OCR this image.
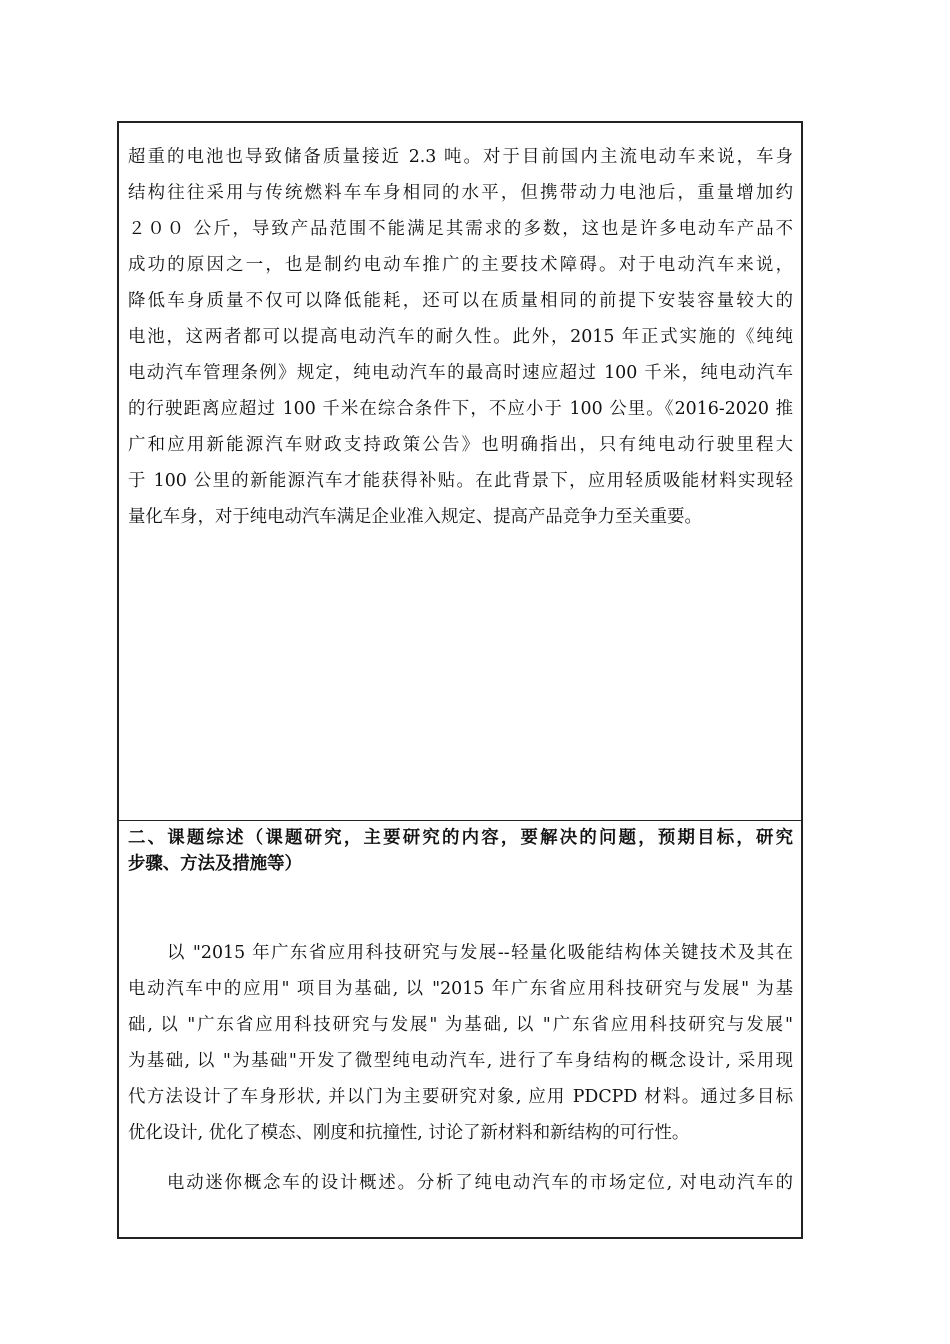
超重的电池也导致储备质量接近 2.3 吨。对于目前国内主流电动车来说，车身
结构往往采用与传统燃料车车身相同的水平，但携带动力电池后，重量增加约
２００ 公斤，导致产品范围不能满足其需求的多数，这也是许多电动车产品不
成功的原因之一，也是制约电动车推广的主要技术障碍。对于电动汽车来说，
降低车身质量不仅可以降低能耗，还可以在质量相同的前提下安装容量较大的
电池，这两者都可以提高电动汽车的耐久性。此外，2015 年正式实施的《纯纯
电动汽车管理条例》规定，纯电动汽车的最高时速应超过 100 千米，纯电动汽车
的行驶距离应超过 100 千米在综合条件下，不应小于 100 公里。《2016-2020 推
广和应用新能源汽车财政支持政策公告》也明确指出，只有纯电动行驶里程大
于 100 公里的新能源汽车才能获得补贴。在此背景下，应用轻质吸能材料实现轻
量化车身，对于纯电动汽车满足企业准入规定、提高产品竞争力至关重要。
二、课题综述（课题研究，主要研究的内容，要解决的问题，预期目标，研究
步骤、方法及措施等）
以 "2015 年广东省应用科技研究与发展--轻量化吸能结构体关键技术及其在
电动汽车中的应用" 项目为基础, 以 "2015 年广东省应用科技研究与发展" 为基
础, 以 "广东省应用科技研究与发展" 为基础, 以 "广东省应用科技研究与发展"
为基础, 以 "为基础"开发了微型纯电动汽车, 进行了车身结构的概念设计, 采用现
代方法设计了车身形状, 并以门为主要研究对象, 应用 PDCPD 材料。通过多目标
优化设计, 优化了模态、刚度和抗撞性, 讨论了新材料和新结构的可行性。
电动迷你概念车的设计概述。分析了纯电动汽车的市场定位, 对电动汽车的
